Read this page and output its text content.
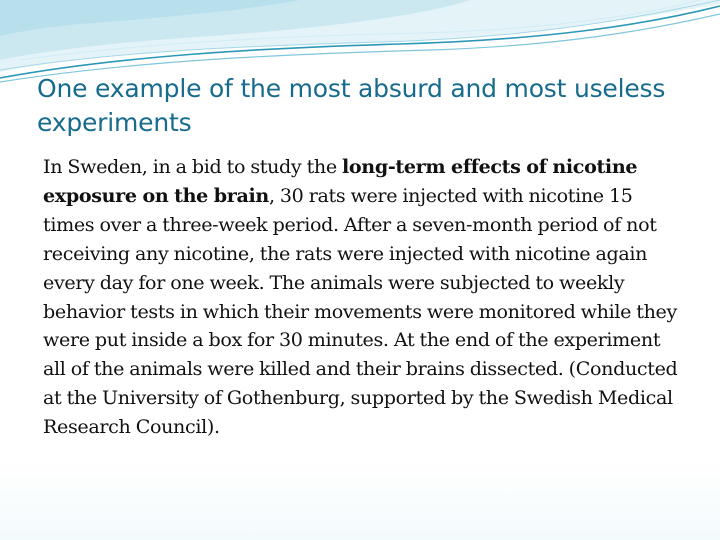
One example of the most absurd and most useless experiments

In Sweden, in a bid to study the long-term effects of nicotine exposure on the brain, 30 rats were injected with nicotine 15 times over a three-week period. After a seven-month period of not receiving any nicotine, the rats were injected with nicotine again every day for one week. The animals were subjected to weekly behavior tests in which their movements were monitored while they were put inside a box for 30 minutes. At the end of the experiment all of the animals were killed and their brains dissected. (Conducted at the University of Gothenburg, supported by the Swedish Medical Research Council).
